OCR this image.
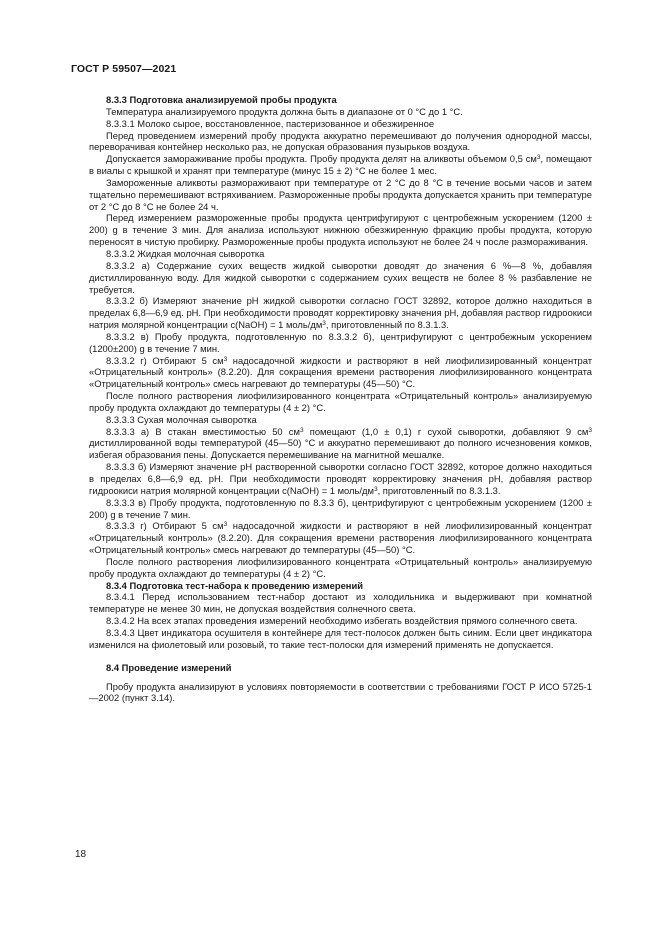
ГОСТ Р 59507—2021

8.3.3 Подготовка анализируемой пробы продукта

Температура анализируемого продукта должна быть в диапазоне от 0 °С до 1 °С.

8.3.3.1 Молоко сырое, восстановленное, пастеризованное и обезжиренное

Перед проведением измерений пробу продукта аккуратно перемешивают до получения однородной массы, переворачивая контейнер несколько раз, не допуская образования пузырьков воздуха.

Допускается замораживание пробы продукта. Пробу продукта делят на аликвоты объемом 0,5 $см^3$, помещают в виалы с крышкой и хранят при температуре (минус 15 ± 2) °С не более 1 мес.

Замороженные аликвоты размораживают при температуре от 2 °С до 8 °С в течение восьми часов и затем тщательно перемешивают встряхиванием. Размороженные пробы продукта допускается хранить при температуре от 2 °С до 8 °С не более 24 ч.

Перед измерением размороженные пробы продукта центрифугируют с центробежным ускорением (1200 ± 200) g в течение 3 мин. Для анализа используют нижнюю обезжиренную фракцию пробы продукта, которую переносят в чистую пробирку. Размороженные пробы продукта используют не более 24 ч после размораживания.

8.3.3.2 Жидкая молочная сыворотка

8.3.3.2 а) Содержание сухих веществ жидкой сыворотки доводят до значения 6 %—8 %, добавляя дистиллированную воду. Для жидкой сыворотки с содержанием сухих веществ не более 8 % разбавление не требуется.

8.3.3.2 б) Измеряют значение рН жидкой сыворотки согласно ГОСТ 32892, которое должно находиться в пределах 6,8—6,9 ед. рН. При необходимости проводят корректировку значения рН, добавляя раствор гидроокиси натрия молярной концентрации c(NaOH) = 1 моль/$дм^3$, приготовленный по 8.3.1.3.

8.3.3.2 в) Пробу продукта, подготовленную по 8.3.3.2 б), центрифугируют с центробежным ускорением (1200±200) g в течение 7 мин.

8.3.3.2 г) Отбирают 5 $см^3$ надосадочной жидкости и растворяют в ней лиофилизированный концентрат «Отрицательный контроль» (8.2.20). Для сокращения времени растворения лиофилизированного концентрата «Отрицательный контроль» смесь нагревают до температуры (45—50) °С.

После полного растворения лиофилизированного концентрата «Отрицательный контроль» анализируемую пробу продукта охлаждают до температуры (4 ± 2) °С.

8.3.3.3 Сухая молочная сыворотка

8.3.3.3 а) В стакан вместимостью 50 $см^3$ помещают (1,0 ± 0,1) г сухой сыворотки, добавляют 9 $см^3$ дистиллированной воды температурой (45—50) °С и аккуратно перемешивают до полного исчезновения комков, избегая образования пены. Допускается перемешивание на магнитной мешалке.

8.3.3.3 б) Измеряют значение рН растворенной сыворотки согласно ГОСТ 32892, которое должно находиться в пределах 6,8—6,9 ед. рН. При необходимости проводят корректировку значения рН, добавляя раствор гидроокиси натрия молярной концентрации c(NaOH) = 1 моль/$дм^3$, приготовленный по 8.3.1.3.

8.3.3.3 в) Пробу продукта, подготовленную по 8.3.3 б), центрифугируют с центробежным ускорением (1200 ± 200) g в течение 7 мин.

8.3.3.3 г) Отбирают 5 $см^3$ надосадочной жидкости и растворяют в ней лиофилизированный концентрат «Отрицательный контроль» (8.2.20). Для сокращения времени растворения лиофилизированного концентрата «Отрицательный контроль» смесь нагревают до температуры (45—50) °С.

После полного растворения лиофилизированного концентрата «Отрицательный контроль» анализируемую пробу продукта охлаждают до температуры (4 ± 2) °С.

8.3.4 Подготовка тест-набора к проведению измерений

8.3.4.1 Перед использованием тест-набор достают из холодильника и выдерживают при комнатной температуре не менее 30 мин, не допуская воздействия солнечного света.

8.3.4.2 На всех этапах проведения измерений необходимо избегать воздействия прямого солнечного света.

8.3.4.3 Цвет индикатора осушителя в контейнере для тест-полосок должен быть синим. Если цвет индикатора изменился на фиолетовый или розовый, то такие тест-полоски для измерений применять не допускается.

8.4 Проведение измерений

Пробу продукта анализируют в условиях повторяемости в соответствии с требованиями ГОСТ Р ИСО 5725-1—2002 (пункт 3.14).

18
